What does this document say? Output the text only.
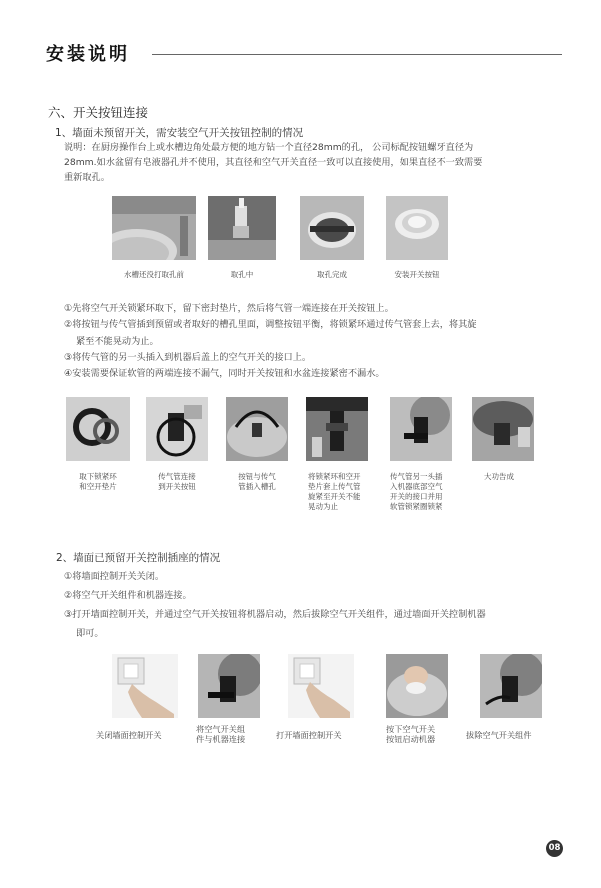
安装说明
六、开关按钮连接
1、墙面未预留开关，需安装空气开关按钮控制的情况
说明：在厨房操作台上或水槽边角处最方便的地方钻一个直径28mm的孔， 公司标配按钮螺牙直径为
28mm.如水盆留有皂液器孔并不使用，其直径和空气开关直径一致可以直接使用，如果直径不一致需要
重新取孔。
水槽还没打取孔前	取孔中	取孔完成	安装开关按钮
①先将空气开关锁紧环取下，留下密封垫片，然后将气管一端连接在开关按钮上。
②将按钮与传气管插到预留或者取好的槽孔里面，调整按钮平衡，将锁紧环通过传气管套上去，将其旋
紧至不能晃动为止。
③将传气管的另一头插入到机器后盖上的空气开关的接口上。
④安装需要保证软管的两端连接不漏气，同时开关按钮和水盆连接紧密不漏水。
取下锁紧环
和空开垫片
传气管连接
到开关按钮
按钮与传气
管插入槽孔
将锁紧环和空开
垫片套上传气管
旋紧至开关不能
晃动为止
传气管另一头插
入机器底部空气
开关的接口并用
软管锁紧圈锁紧
大功告成
2、墙面已预留开关控制插座的情况
①将墙面控制开关关闭。
②将空气开关组件和机器连接。
③打开墙面控制开关，并通过空气开关按钮将机器启动，然后拔除空气开关组件，通过墙面开关控制机器
即可。
关闭墙面控制开关
将空气开关组
件与机器连接	打开墙面控制开关
按下空气开关
按钮启动机器	拔除空气开关组件
08
